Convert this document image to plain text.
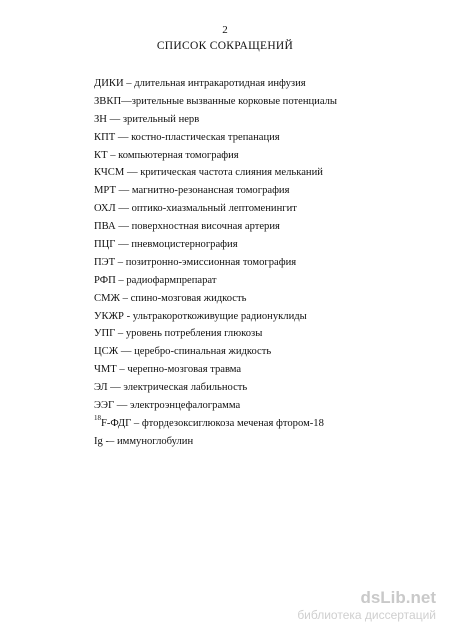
2
СПИСОК СОКРАЩЕНИЙ
ДИКИ – длительная интракаротидная инфузия
ЗВКП—зрительные вызванные корковые потенциалы
ЗН — зрительный нерв
КПТ — костно-пластическая трепанация
КТ – компьютерная томография
КЧСМ — критическая частота слияния мельканий
МРТ — магнитно-резонансная томография
ОХЛ — оптико-хиазмальный лептоменингит
ПВА — поверхностная височная артерия
ПЦГ — пневмоцистернография
ПЭТ – позитронно-эмиссионная томография
РФП – радиофармпрепарат
СМЖ – спино-мозговая жидкость
УКЖР - ультракороткоживущие радионуклиды
УПГ – уровень потребления глюкозы
ЦСЖ — церебро-спинальная жидкость
ЧМТ – черепно-мозговая травма
ЭЛ — электрическая лабильность
ЭЭГ — электроэнцефалограмма
$^{18}$F-ФДГ – фтордезоксиглюкоза меченая фтором-18
Ig -– иммуноглобулин
dsLib.net
библиотека диссертаций
